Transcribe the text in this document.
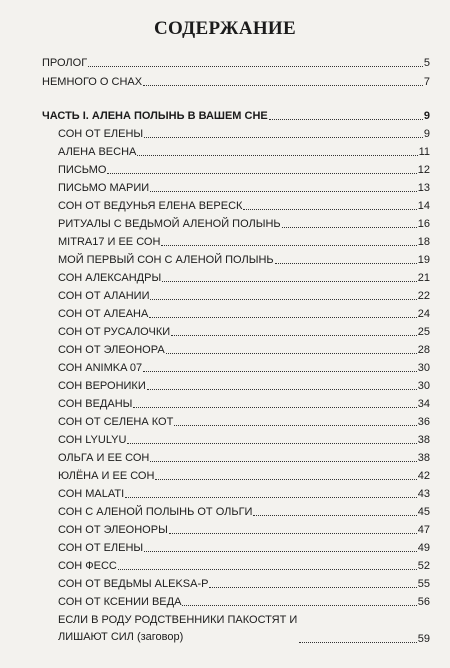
СОДЕРЖАНИЕ
ПРОЛОГ	5
НЕМНОГО О СНАХ	7
ЧАСТЬ I. АЛЕНА ПОЛЫНЬ В ВАШЕМ СНЕ	9
СОН ОТ ЕЛЕНЫ	9
АЛЕНА ВЕСНА	11
ПИСЬМО	12
ПИСЬМО МАРИИ	13
СОН ОТ ВЕДУНЬЯ ЕЛЕНА ВЕРЕСК	14
РИТУАЛЫ С ВЕДЬМОЙ АЛЕНОЙ ПОЛЫНЬ	16
MITRA17 И ЕЕ СОН	18
МОЙ ПЕРВЫЙ СОН С АЛЕНОЙ ПОЛЫНЬ	19
СОН АЛЕКСАНДРЫ	21
СОН ОТ АЛАНИИ	22
СОН ОТ АЛЕАНА	24
СОН ОТ РУСАЛОЧКИ	25
СОН ОТ ЭЛЕОНОРА	28
СОН ANIMKA 07	30
СОН ВЕРОНИКИ	30
СОН ВЕДАНЫ	34
СОН ОТ СЕЛЕНА КОТ	36
СОН LYULYU	38
ОЛЬГА И ЕЕ СОН	38
ЮЛЁНА И ЕЕ СОН	42
СОН MALATI	43
СОН С АЛЕНОЙ ПОЛЫНЬ ОТ ОЛЬГИ	45
СОН ОТ ЭЛЕОНОРЫ	47
СОН ОТ ЕЛЕНЫ	49
СОН ФЕСС	52
СОН ОТ ВЕДЬМЫ ALEKSA-P	55
СОН ОТ КСЕНИИ ВЕДА	56
ЕСЛИ В РОДУ РОДСТВЕННИКИ ПАКОСТЯТ И ЛИШАЮТ СИЛ (заговор)	59
